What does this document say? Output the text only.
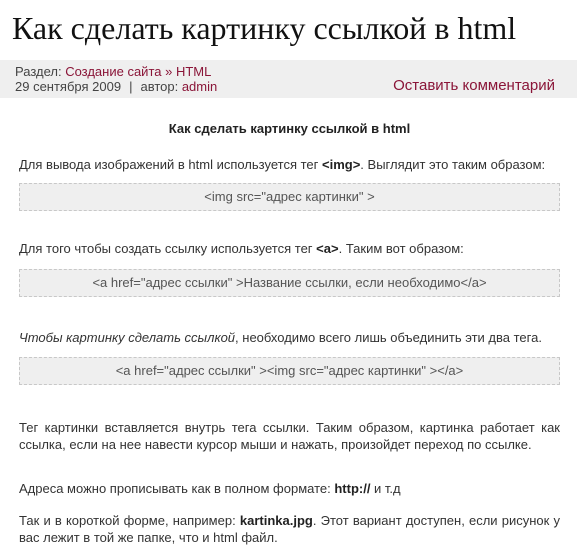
Как сделать картинку ссылкой в html
Раздел: Создание сайта » HTML
29 сентября 2009 | автор: admin	Оставить комментарий
Как сделать картинку ссылкой в html

Для вывода изображений в html используется тег <img>. Выглядит это таким образом:

<img src="адрес картинки" >

Для того чтобы создать ссылку используется тег <a>. Таким вот образом:

<a href="адрес ссылки" >Название ссылки, если необходимо</a>

Чтобы картинку сделать ссылкой, необходимо всего лишь объединить эти два тега.

<a href="адрес ссылки" ><img src="адрес картинки" ></a>

Тег картинки вставляется внутрь тега ссылки. Таким образом, картинка работает как ссылка, если на нее навести курсор мыши и нажать, произойдет переход по ссылке.

Адреса можно прописывать как в полном формате: http:// и т.д

Так и в короткой форме, например: kartinka.jpg. Этот вариант доступен, если рисунок у вас лежит в той же папке, что и html файл.
